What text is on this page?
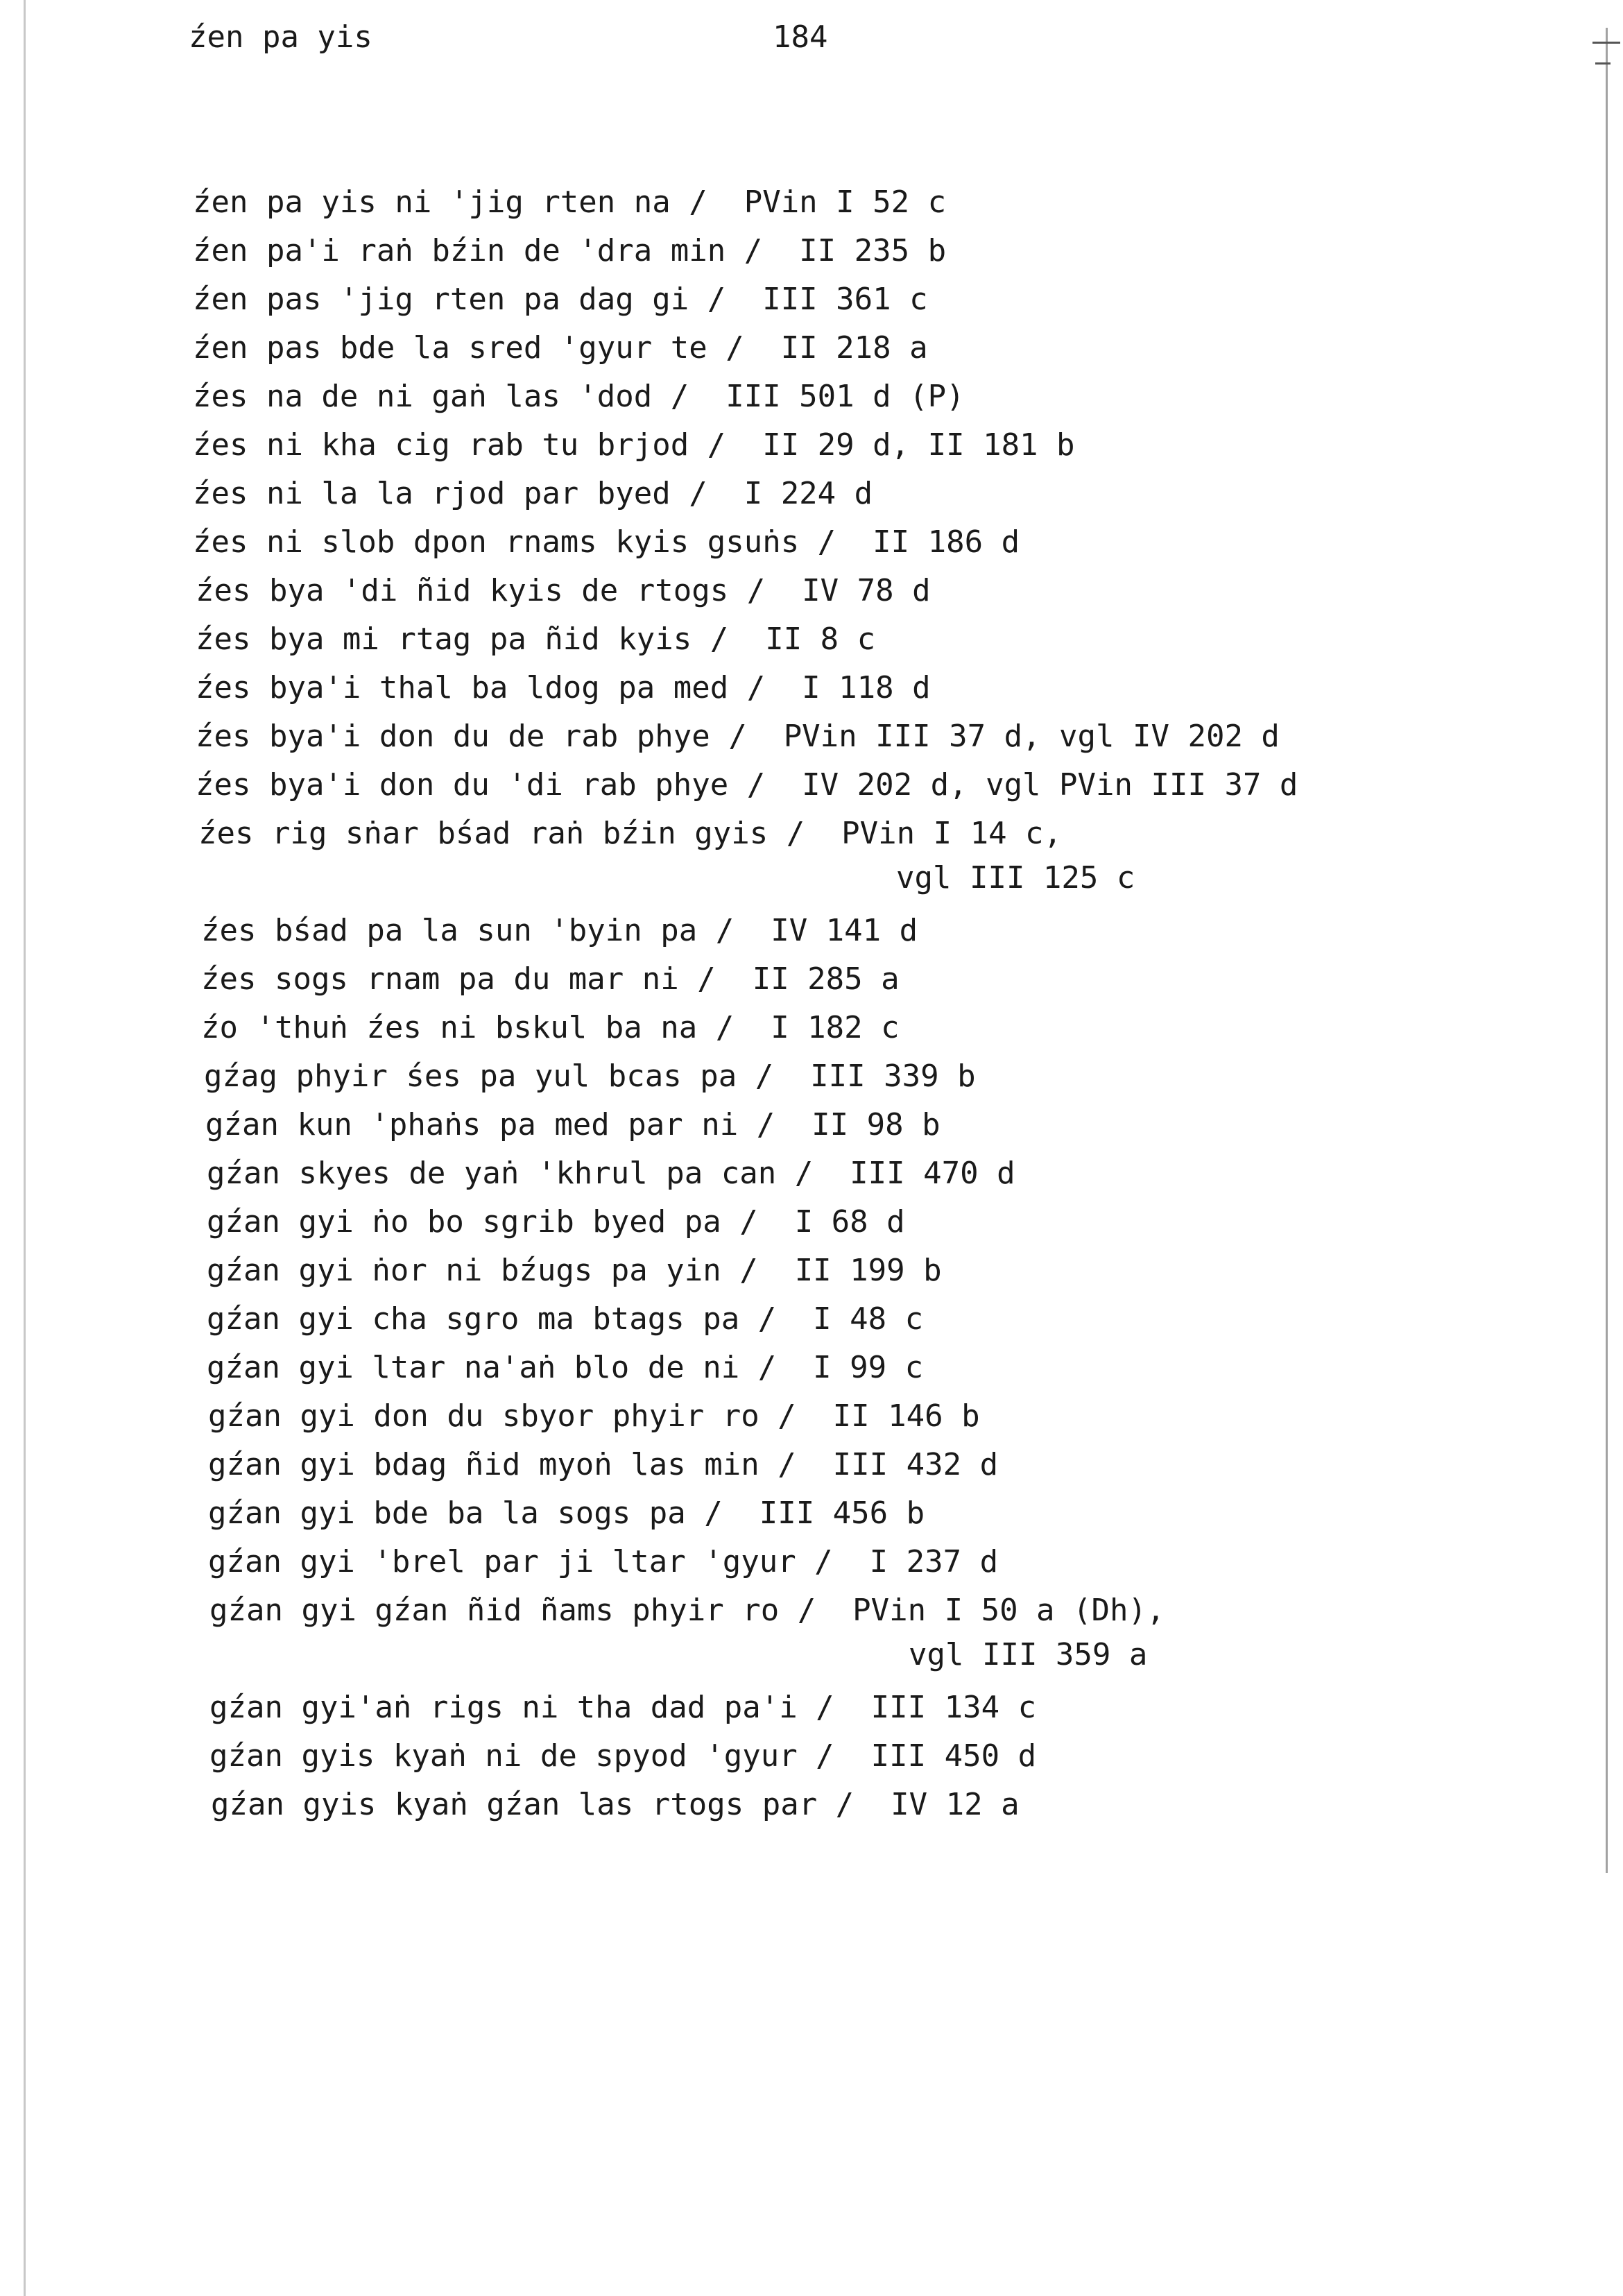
źen pa yis	184
źen pa yis ni 'jig rten na /  PVin I 52 c
źen pa'i raṅ bźin de 'dra min /  II 235 b
źen pas 'jig rten pa dag gi /  III 361 c
źen pas bde la sred 'gyur te /  II 218 a
źes na de ni gaṅ las 'dod /  III 501 d (P)
źes ni kha cig rab tu brjod /  II 29 d, II 181 b
źes ni la la rjod par byed /  I 224 d
źes ni slob dpon rnams kyis gsuṅs /  II 186 d
źes bya 'di ñid kyis de rtogs /  IV 78 d
źes bya mi rtag pa ñid kyis /  II 8 c
źes bya'i thal ba ldog pa med /  I 118 d
źes bya'i don du de rab phye /  PVin III 37 d, vgl IV 202 d
źes bya'i don du 'di rab phye /  IV 202 d, vgl PVin III 37 d
źes rig sṅar bśad raṅ bźin gyis /  PVin I 14 c,
vgl III 125 c
źes bśad pa la sun 'byin pa /  IV 141 d
źes sogs rnam pa du mar ni /  II 285 a
źo 'thuṅ źes ni bskul ba na /  I 182 c
gźag phyir śes pa yul bcas pa /  III 339 b
gźan kun 'phaṅs pa med par ni /  II 98 b
gźan skyes de yaṅ 'khrul pa can /  III 470 d
gźan gyi ṅo bo sgrib byed pa /  I 68 d
gźan gyi ṅor ni bźugs pa yin /  II 199 b
gźan gyi cha sgro ma btags pa /  I 48 c
gźan gyi ltar na'aṅ blo de ni /  I 99 c
gźan gyi don du sbyor phyir ro /  II 146 b
gźan gyi bdag ñid myoṅ las min /  III 432 d
gźan gyi bde ba la sogs pa /  III 456 b
gźan gyi 'brel par ji ltar 'gyur /  I 237 d
gźan gyi gźan ñid ñams phyir ro /  PVin I 50 a (Dh),
vgl III 359 a
gźan gyi'aṅ rigs ni tha dad pa'i /  III 134 c
gźan gyis kyaṅ ni de spyod 'gyur /  III 450 d
gźan gyis kyaṅ gźan las rtogs par /  IV 12 a
